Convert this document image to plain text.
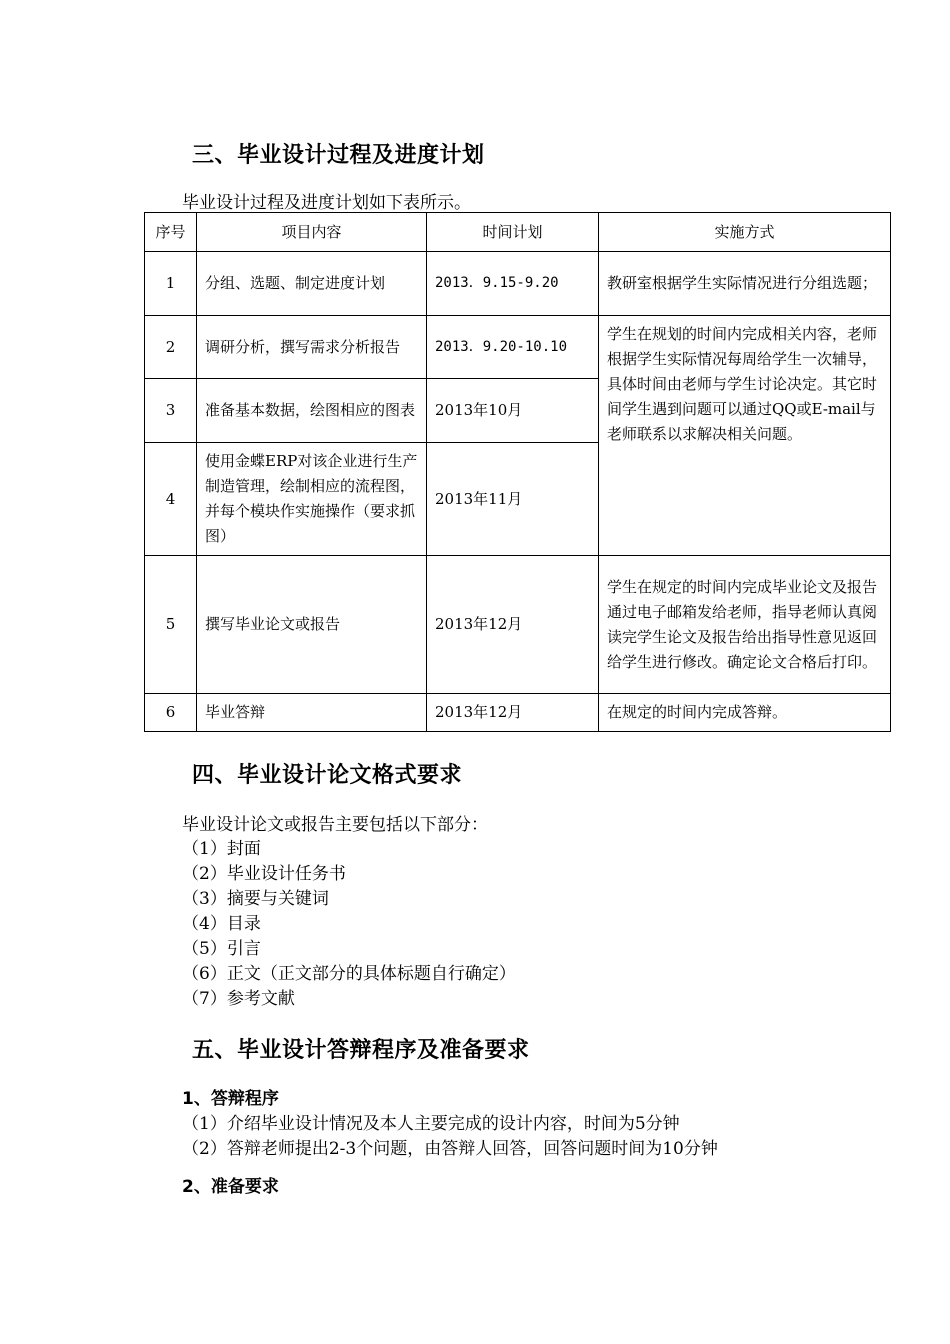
三、毕业设计过程及进度计划
毕业设计过程及进度计划如下表所示。
序号	项目内容	时间计划	实施方式
1	分组、选题、制定进度计划	2013．9.15-9.20	教研室根据学生实际情况进行分组选题；
2	调研分析，撰写需求分析报告	2013．9.20-10.10	学生在规划的时间内完成相关内容，老师根据学生实际情况每周给学生一次辅导，具体时间由老师与学生讨论决定。其它时间学生遇到问题可以通过QQ或E-mail与老师联系以求解决相关问题。
3	准备基本数据，绘图相应的图表	2013年10月	
4	使用金蝶ERP对该企业进行生产制造管理，绘制相应的流程图，并每个模块作实施操作（要求抓图）	2013年11月	
5	撰写毕业论文或报告	2013年12月	学生在规定的时间内完成毕业论文及报告通过电子邮箱发给老师，指导老师认真阅读完学生论文及报告给出指导性意见返回给学生进行修改。确定论文合格后打印。
6	毕业答辩	2013年12月	在规定的时间内完成答辩。
四、毕业设计论文格式要求
毕业设计论文或报告主要包括以下部分：
（1）封面
（2）毕业设计任务书
（3）摘要与关键词
（4）目录
（5）引言
（6）正文（正文部分的具体标题自行确定）
（7）参考文献
五、毕业设计答辩程序及准备要求
1、答辩程序
（1）介绍毕业设计情况及本人主要完成的设计内容，时间为5分钟
（2）答辩老师提出2-3个问题，由答辩人回答，回答问题时间为10分钟
2、准备要求
